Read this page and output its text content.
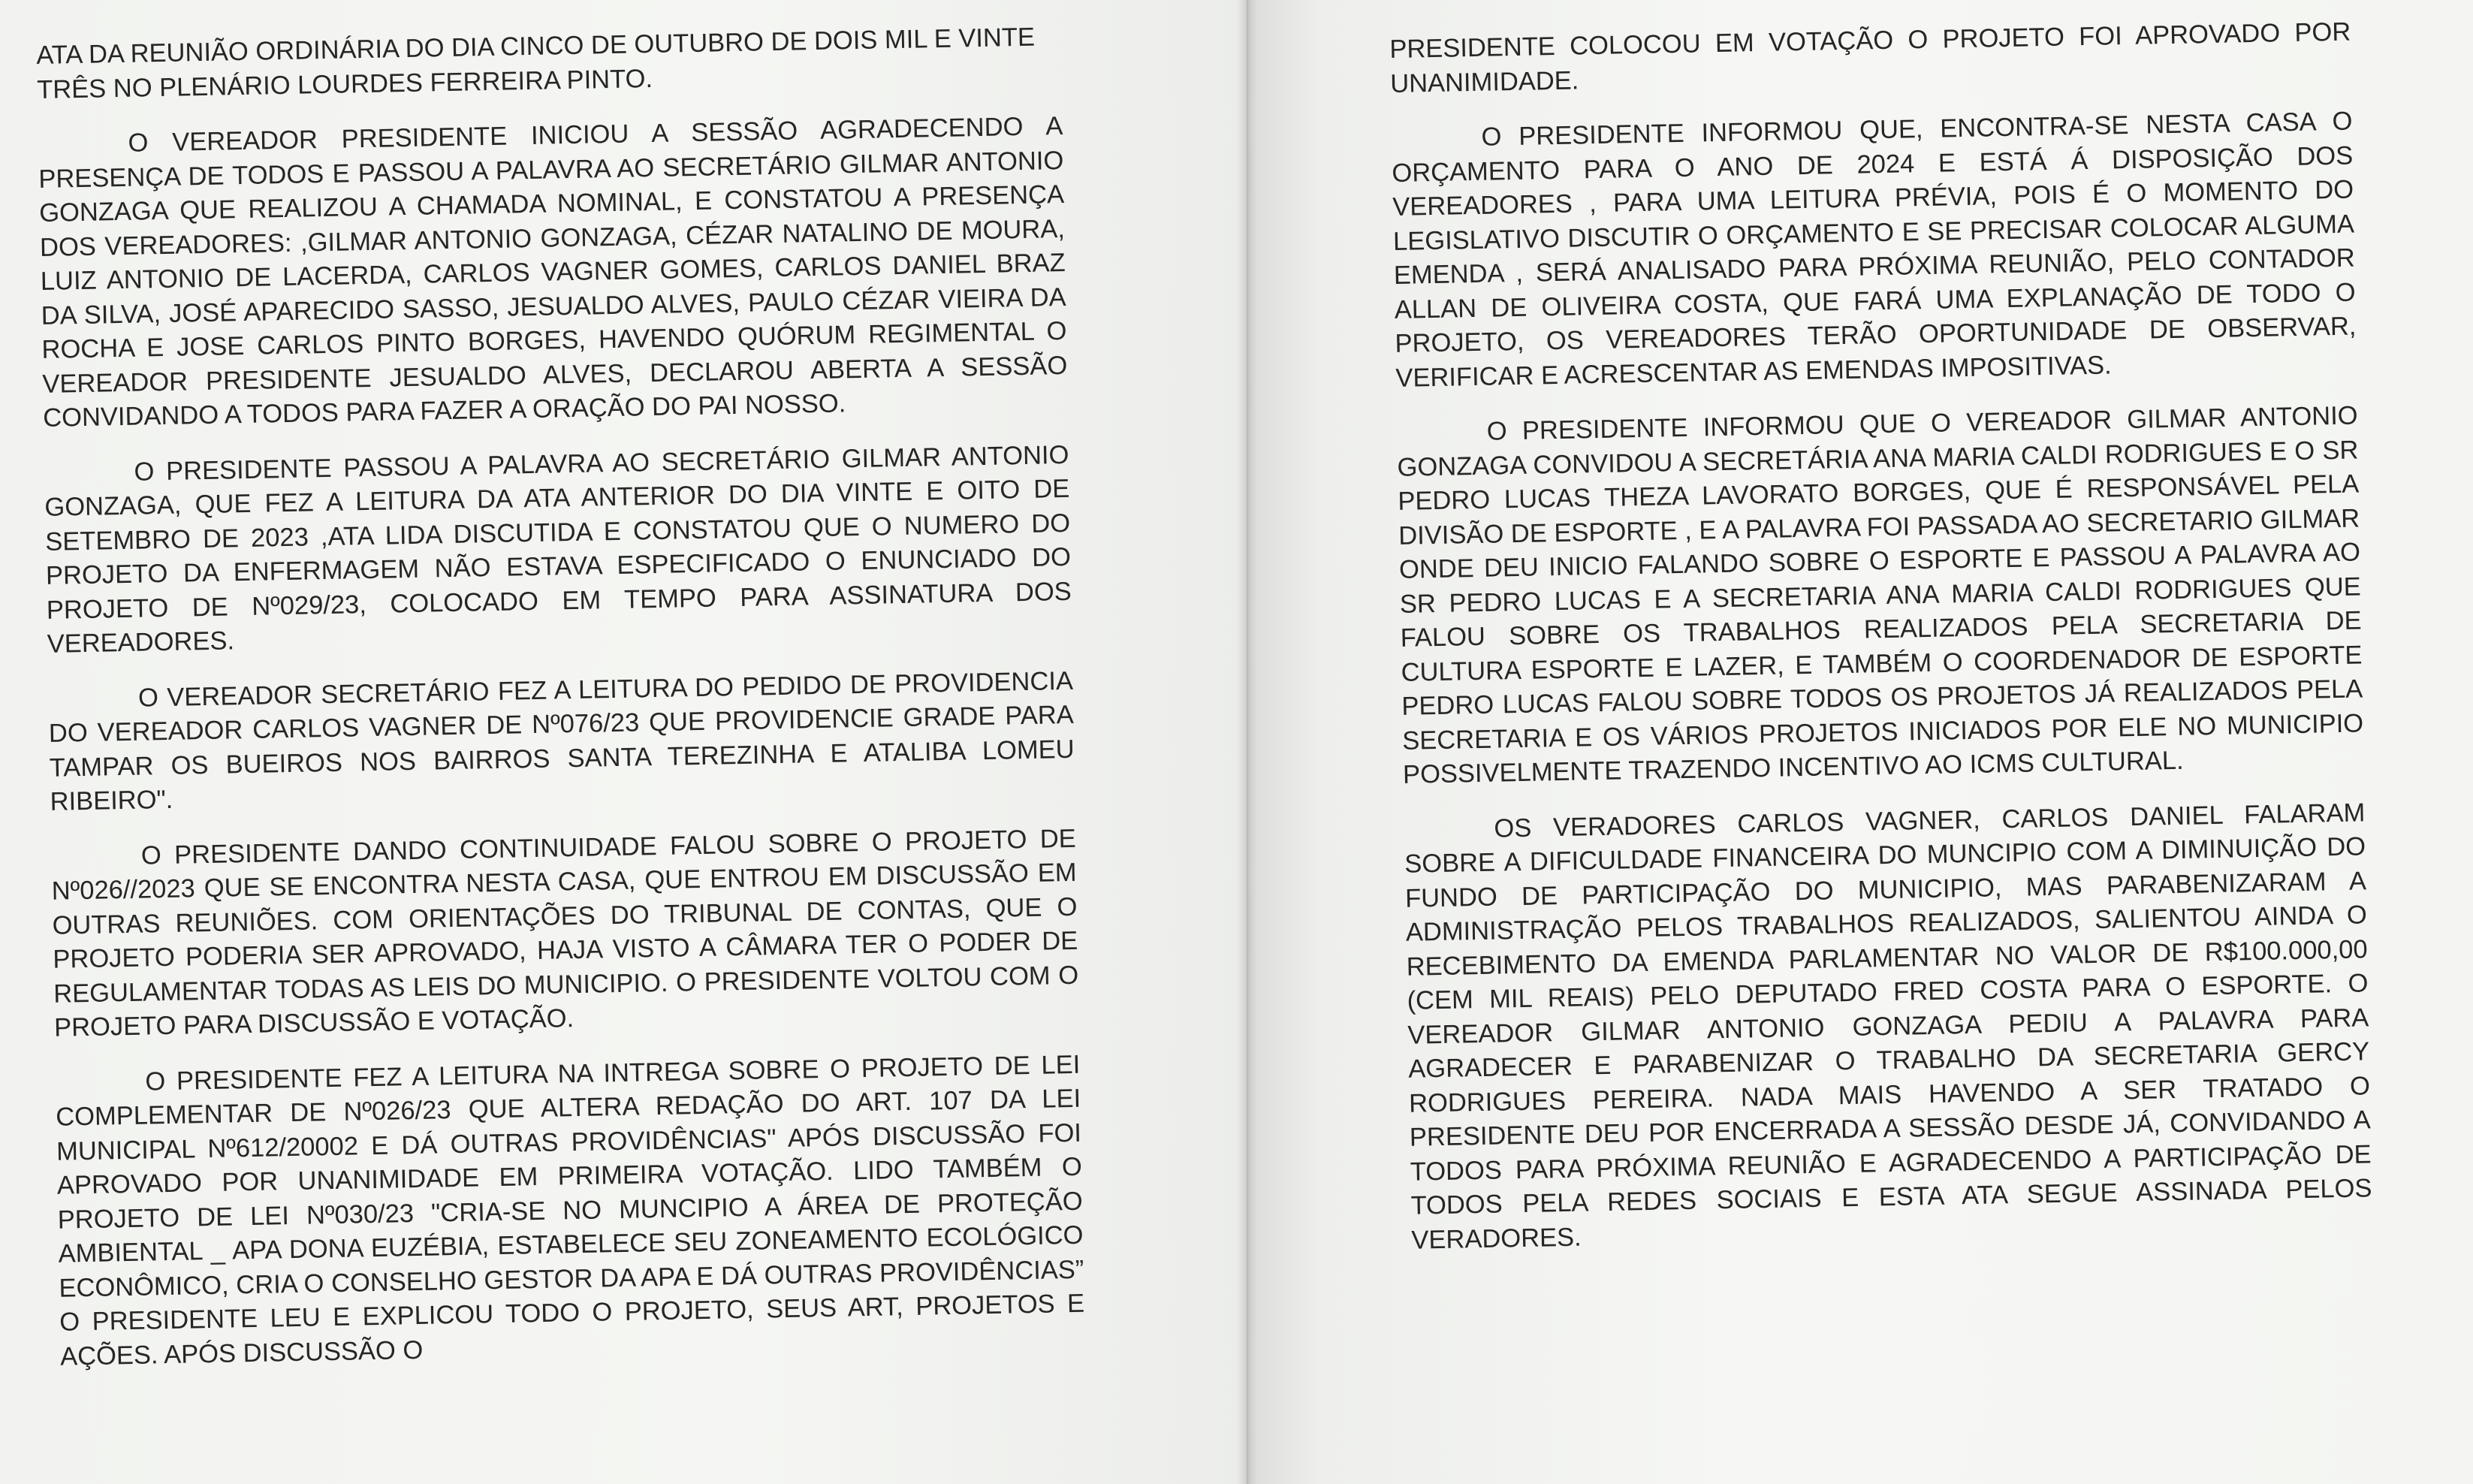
ATA DA REUNIÃO ORDINÁRIA DO DIA CINCO DE OUTUBRO DE DOIS MIL E VINTE TRÊS NO PLENÁRIO LOURDES FERREIRA PINTO.

O VEREADOR PRESIDENTE INICIOU A SESSÃO AGRADECENDO A PRESENÇA DE TODOS E PASSOU A PALAVRA AO SECRETÁRIO GILMAR ANTONIO GONZAGA QUE REALIZOU A CHAMADA NOMINAL, E CONSTATOU A PRESENÇA DOS VEREADORES: ,GILMAR ANTONIO GONZAGA, CÉZAR NATALINO DE MOURA, LUIZ ANTONIO DE LACERDA, CARLOS VAGNER GOMES, CARLOS DANIEL BRAZ DA SILVA, JOSÉ APARECIDO SASSO, JESUALDO ALVES, PAULO CÉZAR VIEIRA DA ROCHA E JOSE CARLOS PINTO BORGES, HAVENDO QUÓRUM REGIMENTAL O VEREADOR PRESIDENTE JESUALDO ALVES, DECLAROU ABERTA A SESSÃO CONVIDANDO A TODOS PARA FAZER A ORAÇÃO DO PAI NOSSO.

O PRESIDENTE PASSOU A PALAVRA AO SECRETÁRIO GILMAR ANTONIO GONZAGA, QUE FEZ A LEITURA DA ATA ANTERIOR DO DIA VINTE E OITO DE SETEMBRO DE 2023 ,ATA LIDA DISCUTIDA E CONSTATOU QUE O NUMERO DO PROJETO DA ENFERMAGEM NÃO ESTAVA ESPECIFICADO O ENUNCIADO DO PROJETO DE Nº029/23, COLOCADO EM TEMPO PARA ASSINATURA DOS VEREADORES.

O VEREADOR SECRETÁRIO FEZ A LEITURA DO PEDIDO DE PROVIDENCIA DO VEREADOR CARLOS VAGNER DE Nº076/23 QUE PROVIDENCIE GRADE PARA TAMPAR OS BUEIROS NOS BAIRROS SANTA TEREZINHA E ATALIBA LOMEU RIBEIRO".

O PRESIDENTE DANDO CONTINUIDADE FALOU SOBRE O PROJETO DE Nº026//2023 QUE SE ENCONTRA NESTA CASA, QUE ENTROU EM DISCUSSÃO EM OUTRAS REUNIÕES. COM ORIENTAÇÕES DO TRIBUNAL DE CONTAS, QUE O PROJETO PODERIA SER APROVADO, HAJA VISTO A CÂMARA TER O PODER DE REGULAMENTAR TODAS AS LEIS DO MUNICIPIO. O PRESIDENTE VOLTOU COM O PROJETO PARA DISCUSSÃO E VOTAÇÃO.

O PRESIDENTE FEZ A LEITURA NA INTREGA SOBRE O PROJETO DE LEI COMPLEMENTAR DE Nº026/23 QUE ALTERA REDAÇÃO DO ART. 107 DA LEI MUNICIPAL Nº612/20002 E DÁ OUTRAS PROVIDÊNCIAS" APÓS DISCUSSÃO FOI APROVADO POR UNANIMIDADE EM PRIMEIRA VOTAÇÃO. LIDO TAMBÉM O PROJETO DE LEI Nº030/23 "CRIA-SE NO MUNCIPIO A ÁREA DE PROTEÇÃO AMBIENTAL _ APA DONA EUZÉBIA, ESTABELECE SEU ZONEAMENTO ECOLÓGICO ECONÔMICO, CRIA O CONSELHO GESTOR DA APA E DÁ OUTRAS PROVIDÊNCIAS” O PRESIDENTE LEU E EXPLICOU TODO O PROJETO, SEUS ART, PROJETOS E AÇÕES. APÓS DISCUSSÃO O

PRESIDENTE COLOCOU EM VOTAÇÃO O PROJETO FOI APROVADO POR UNANIMIDADE.

O PRESIDENTE INFORMOU QUE, ENCONTRA-SE NESTA CASA O ORÇAMENTO PARA O ANO DE 2024 E ESTÁ Á DISPOSIÇÃO DOS VEREADORES , PARA UMA LEITURA PRÉVIA, POIS É O MOMENTO DO LEGISLATIVO DISCUTIR O ORÇAMENTO E SE PRECISAR COLOCAR ALGUMA EMENDA , SERÁ ANALISADO PARA PRÓXIMA REUNIÃO, PELO CONTADOR ALLAN DE OLIVEIRA COSTA, QUE FARÁ UMA EXPLANAÇÃO DE TODO O PROJETO, OS VEREADORES TERÃO OPORTUNIDADE DE OBSERVAR, VERIFICAR E ACRESCENTAR AS EMENDAS IMPOSITIVAS.

O PRESIDENTE INFORMOU QUE O VEREADOR GILMAR ANTONIO GONZAGA CONVIDOU A SECRETÁRIA ANA MARIA CALDI RODRIGUES E O SR PEDRO LUCAS THEZA LAVORATO BORGES, QUE É RESPONSÁVEL PELA DIVISÃO DE ESPORTE , E A PALAVRA FOI PASSADA AO SECRETARIO GILMAR ONDE DEU INICIO FALANDO SOBRE O ESPORTE E PASSOU A PALAVRA AO SR PEDRO LUCAS E A SECRETARIA ANA MARIA CALDI RODRIGUES QUE FALOU SOBRE OS TRABALHOS REALIZADOS PELA SECRETARIA DE CULTURA ESPORTE E LAZER, E TAMBÉM O COORDENADOR DE ESPORTE PEDRO LUCAS FALOU SOBRE TODOS OS PROJETOS JÁ REALIZADOS PELA SECRETARIA E OS VÁRIOS PROJETOS INICIADOS POR ELE NO MUNICIPIO POSSIVELMENTE TRAZENDO INCENTIVO AO ICMS CULTURAL.

OS VERADORES CARLOS VAGNER, CARLOS DANIEL FALARAM SOBRE A DIFICULDADE FINANCEIRA DO MUNCIPIO COM A DIMINUIÇÃO DO FUNDO DE PARTICIPAÇÃO DO MUNICIPIO, MAS PARABENIZARAM A ADMINISTRAÇÃO PELOS TRABALHOS REALIZADOS, SALIENTOU AINDA O RECEBIMENTO DA EMENDA PARLAMENTAR NO VALOR DE R$100.000,00 (CEM MIL REAIS) PELO DEPUTADO FRED COSTA PARA O ESPORTE. O VEREADOR GILMAR ANTONIO GONZAGA PEDIU A PALAVRA PARA AGRADECER E PARABENIZAR O TRABALHO DA SECRETARIA GERCY RODRIGUES PEREIRA. NADA MAIS HAVENDO A SER TRATADO O PRESIDENTE DEU POR ENCERRADA A SESSÃO DESDE JÁ, CONVIDANDO A TODOS PARA PRÓXIMA REUNIÃO E AGRADECENDO A PARTICIPAÇÃO DE TODOS PELA REDES SOCIAIS E ESTA ATA SEGUE ASSINADA PELOS VERADORES.
